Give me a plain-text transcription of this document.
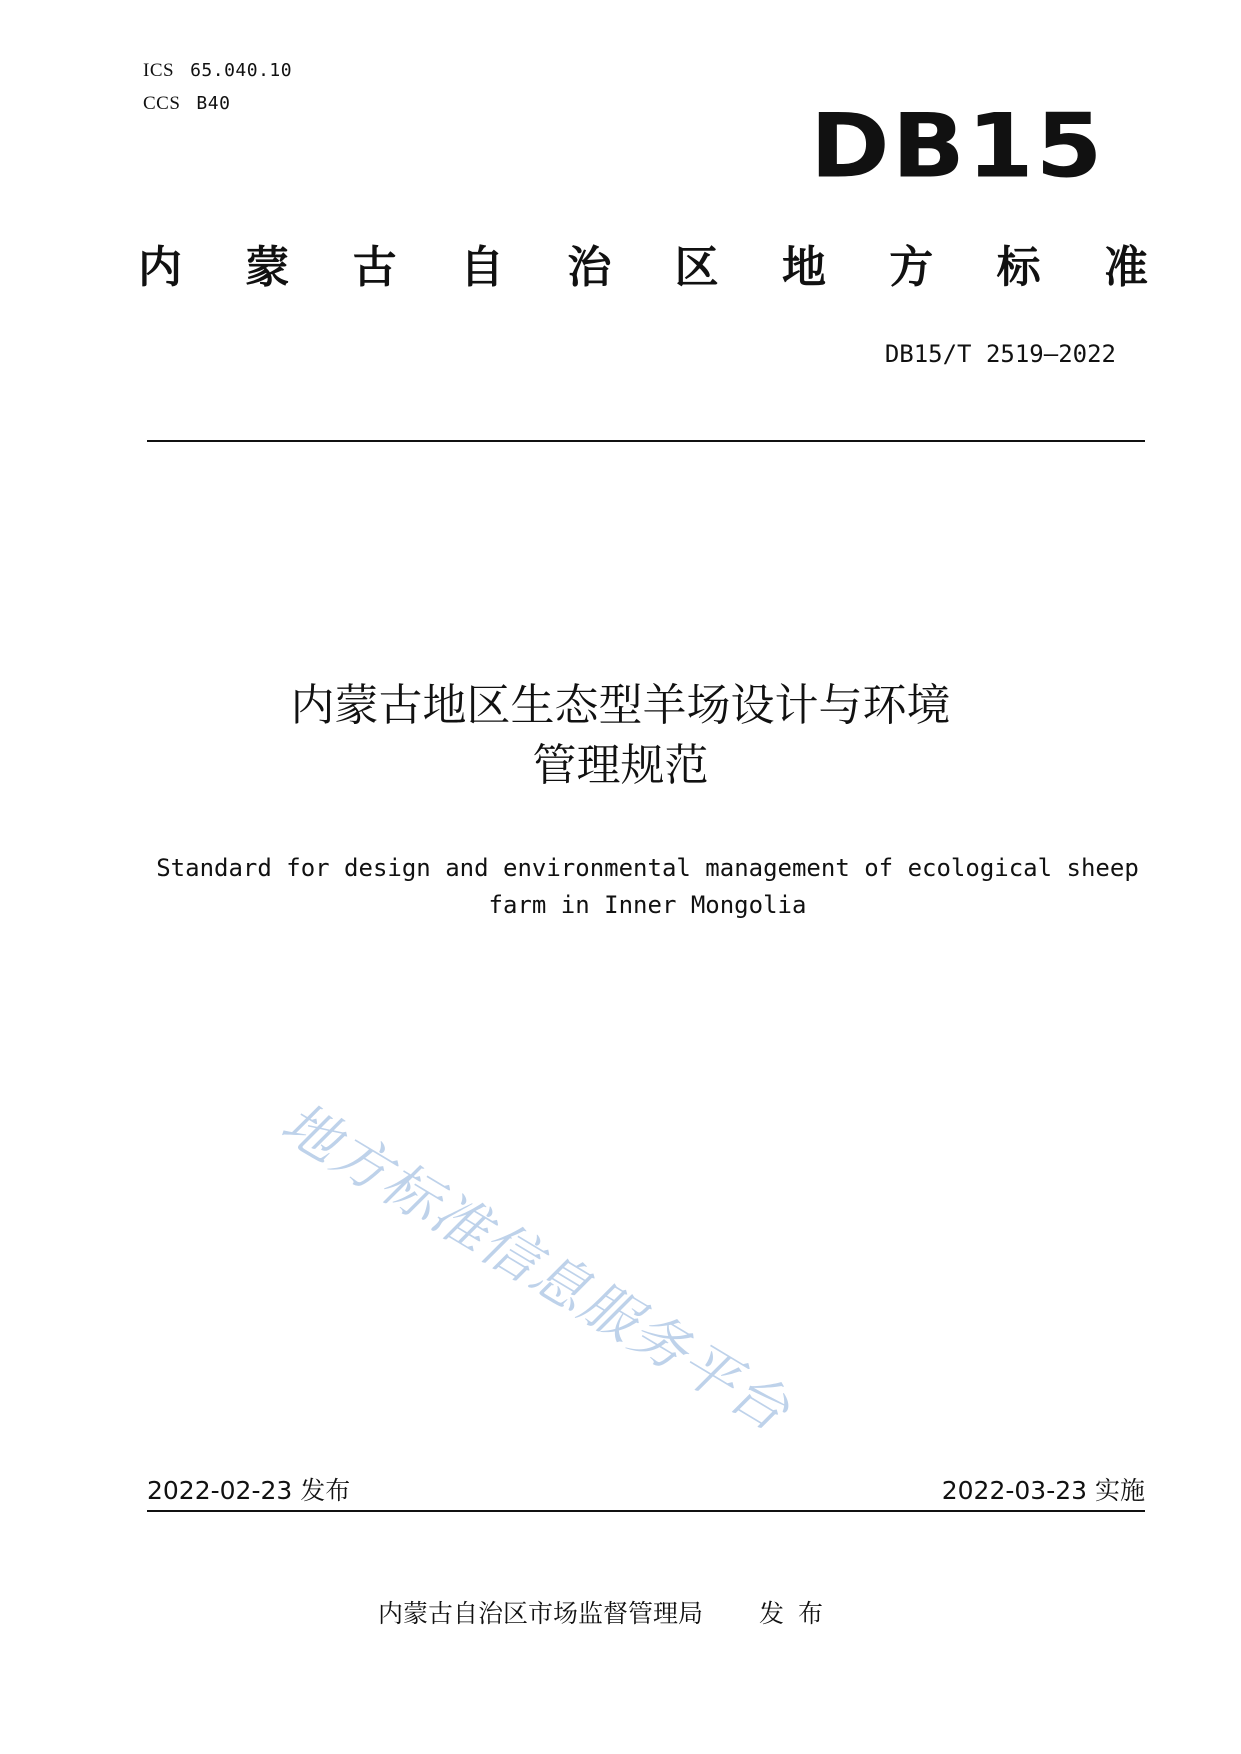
ICS 65.040.10
CCS B40	DB15
内 蒙 古 自 治 区 地 方 标 准
DB15/T 2519—2022
内蒙古地区生态型羊场设计与环境
管理规范
Standard for design and environmental management of ecological sheep
farm in Inner Mongolia
地方标准信息服务平台
2022-02-23 发布	2022-03-23 实施
内蒙古自治区市场监督管理局 发布
